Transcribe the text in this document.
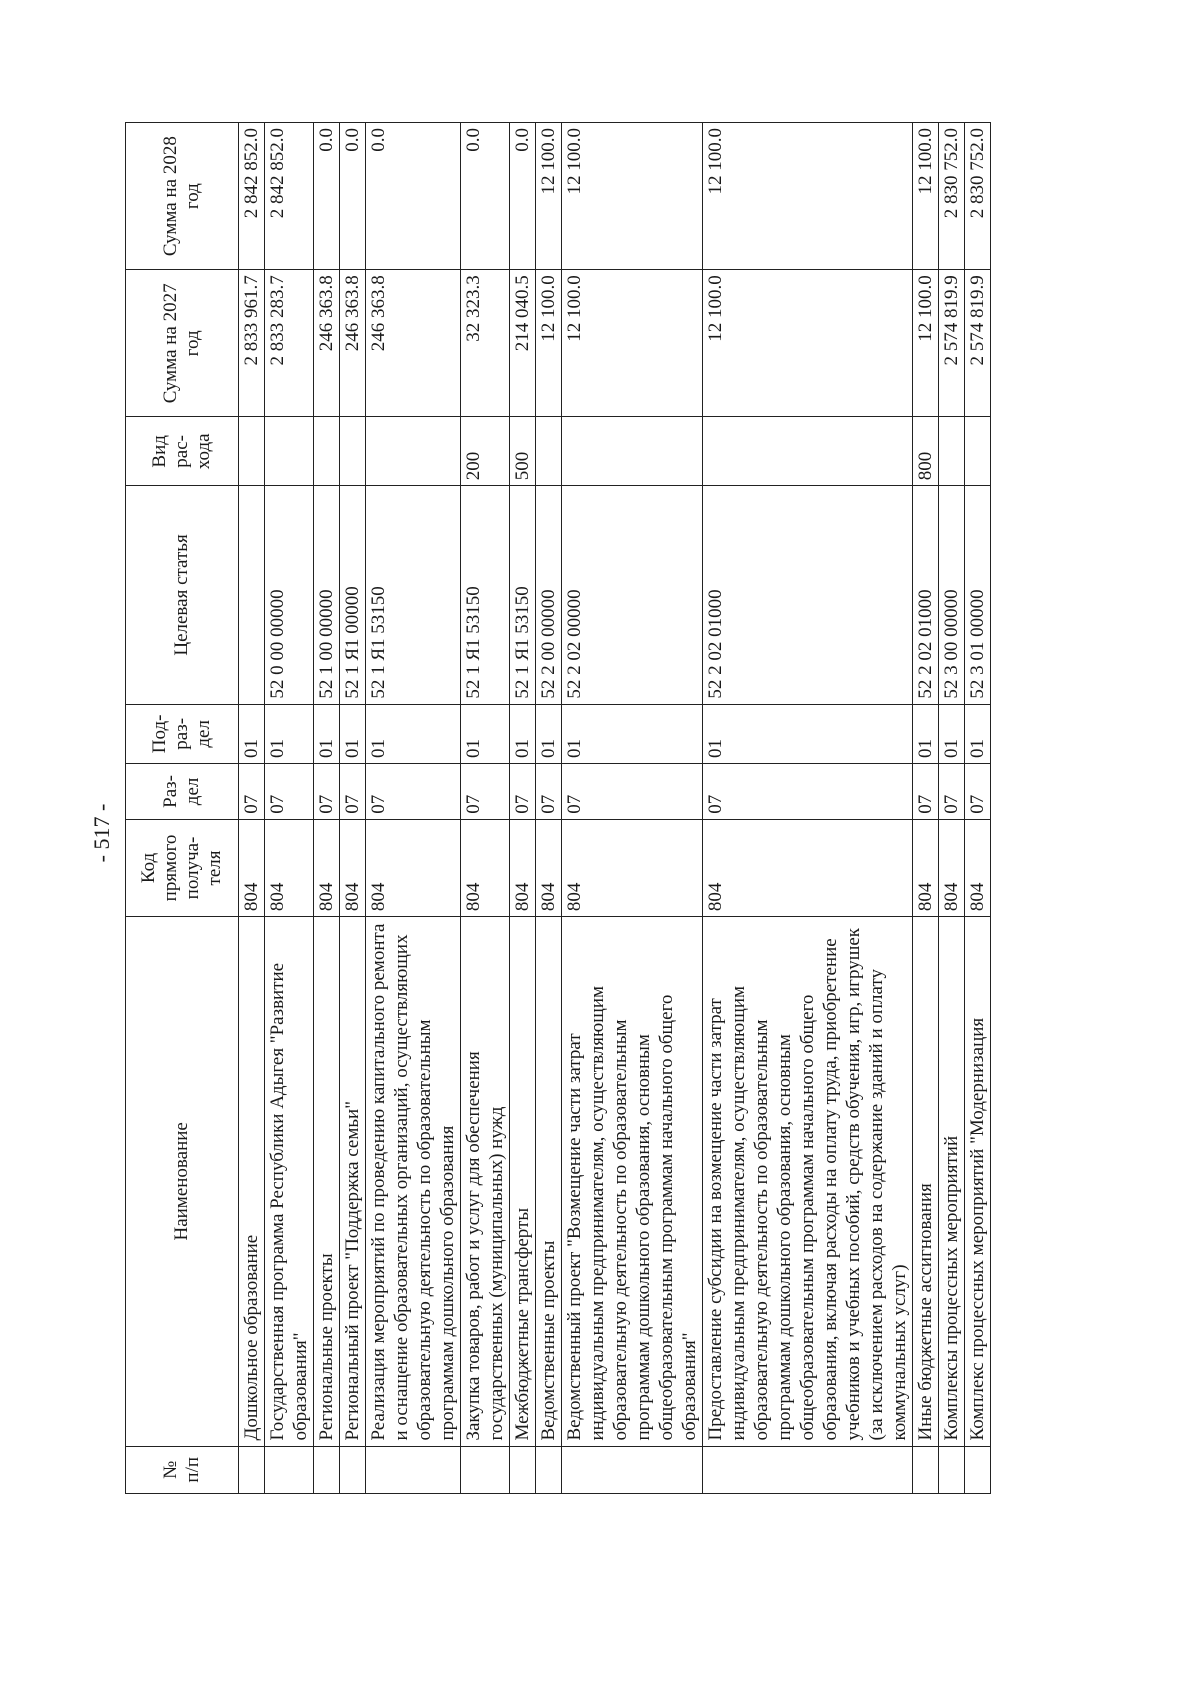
- 517 -
№ п/п	Наименование	Код прямого получа-теля	Раз-дел	Под-раз-дел	Целевая статья	Вид рас-хода	Сумма на 2027 год	Сумма на 2028 год
	Дошкольное образование	804	07	01			2 833 961.7	2 842 852.0
	Государственная программа Республики Адыгея "Развитие образования"	804	07	01	52 0 00 00000		2 833 283.7	2 842 852.0
	Региональные проекты	804	07	01	52 1 00 00000		246 363.8	0.0
	Региональный проект "Поддержка семьи"	804	07	01	52 1 Я1 00000		246 363.8	0.0
	Реализация мероприятий по проведению капитального ремонта и оснащение образовательных организаций, осуществляющих образовательную деятельность по образовательным программам дошкольного образования	804	07	01	52 1 Я1 53150		246 363.8	0.0
	Закупка товаров, работ и услуг для обеспечения государственных (муниципальных) нужд	804	07	01	52 1 Я1 53150	200	32 323.3	0.0
	Межбюджетные трансферты	804	07	01	52 1 Я1 53150	500	214 040.5	0.0
	Ведомственные проекты	804	07	01	52 2 00 00000		12 100.0	12 100.0
	Ведомственный проект "Возмещение части затрат индивидуальным предпринимателям, осуществляющим образовательную деятельность по образовательным программам дошкольного образования, основным общеобразовательным программам начального общего образования"	804	07	01	52 2 02 00000		12 100.0	12 100.0
	Предоставление субсидии на возмещение части затрат индивидуальным предпринимателям, осуществляющим образовательную деятельность по образовательным программам дошкольного образования, основным общеобразовательным программам начального общего образования, включая расходы на оплату труда, приобретение учебников и учебных пособий, средств обучения, игр, игрушек (за исключением расходов на содержание зданий и оплату коммунальных услуг)	804	07	01	52 2 02 01000		12 100.0	12 100.0
	Иные бюджетные ассигнования	804	07	01	52 2 02 01000	800	12 100.0	12 100.0
	Комплексы процессных мероприятий	804	07	01	52 3 00 00000		2 574 819.9	2 830 752.0
	Комплекс процессных мероприятий "Модернизация	804	07	01	52 3 01 00000		2 574 819.9	2 830 752.0
